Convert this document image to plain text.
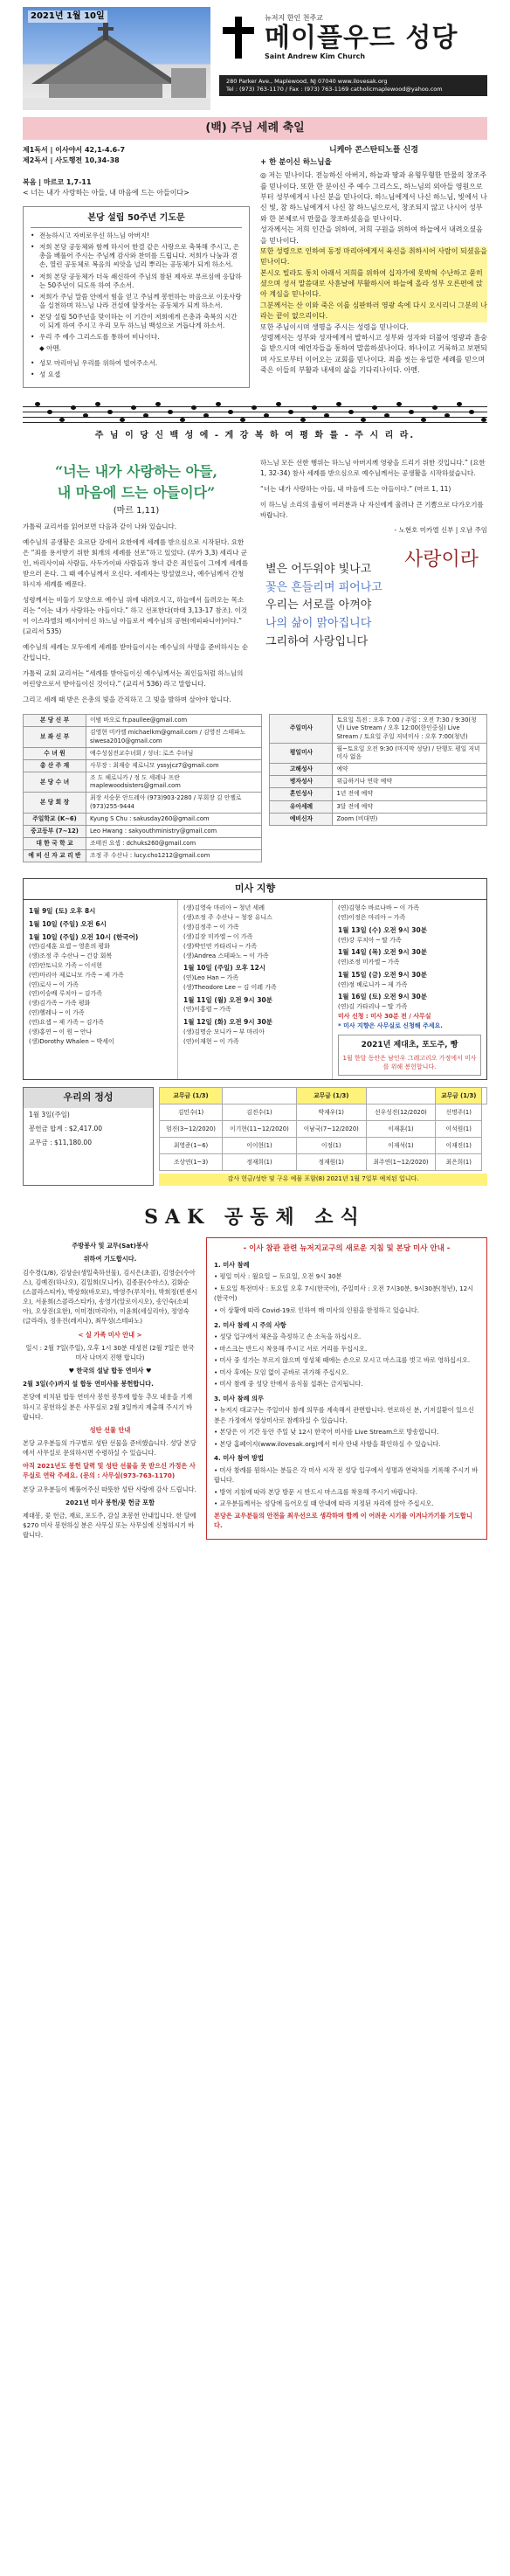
2021년 1월 10일	뉴저지 한인 천주교
메이플우드 성당
Saint Andrew Kim Church
280 Parker Ave., Maplewood, NJ 07040 www.ilovesak.org
Tel : (973) 763-1170 / Fax : (973) 763-1169 catholicmaplewood@yahoo.com
(백) 주님 세례 축일
제1독서 | 이사야서 42,1-4.6-7
제2독서 | 사도행전 10,34-38

복음 | 마르코 1,7-11
< 너는 내가 사랑하는 아들, 내 마음에 드는 아들이다>
본당 설립 50주년 기도문
• 전능하시고 자비로우신 하느님 아버지!
• 저희 본당 공동체와 함께 하시어 한결 같은 사랑으로 축복해 주시고, 은총을 베풀어 주시는 주님께 감사와 찬미를 드립니다. 저희가 나눔과 겸손, 열린 공동체로 복음의 씨앗을 널리 뿌리는 공동체가 되게 하소서.
• 저희 본당 공동체가 더욱 쇄신하여 주님의 참된 제자로 부르심에 응답하는 50주년이 되도록 하여 주소서.
• 저희가 주님 말씀 안에서 힘을 얻고 주님께 봉헌하는 마음으로 이웃사랑을 실천하며 하느님 나라 건설에 앞장서는 공동체가 되게 하소서.
• 본당 설립 50주년을 맞이하는 이 기간이 저희에게 은총과 축복의 시간이 되게 하여 주시고 우리 모두 하느님 백성으로 거듭나게 하소서.
• 우리 주 예수 그리스도를 통하여 비나이다.
◆ 아멘.
• 성모 마리아님 우리를 위하여 빌어주소서.
• 성 요셉
니케아 콘스탄티노플 신경
+ 한 분이신 하느님을

◎ 저는 믿나이다. 전능하신 아버지, 하늘과 땅과 유형무형한 만물의 창조주를 믿나이다. 또한 한 분이신 주 예수 그리스도, 하느님의 외아들 영원으로부터 성부에게서 나신 분을 믿나이다. 하느님에게서 나신 하느님, 빛에서 나신 빛, 참 하느님에게서 나신 참 하느님으로서, 창조되지 않고 나시어 성부와 한 본체로서 만물을 창조하셨음을 믿나이다.

성자께서는 저희 인간을 위하여, 저희 구원을 위하여 하늘에서 내려오셨음을 믿나이다.

또한 성령으로 인하여 동정 마리아에게서 육신을 취하시어 사람이 되셨음을 믿나이다.

본시오 빌라도 통치 아래서 저희를 위하여 십자가에 못박혀 수난하고 묻히셨으며 성서 말씀대로 사흗날에 부활하시어 하늘에 올라 성부 오른편에 앉아 계심을 믿나이다.

그분께서는 산 이와 죽은 이를 심판하러 영광 속에 다시 오시리니 그분의 나라는 끝이 없으리이다.

또한 주님이시며 생명을 주시는 성령을 믿나이다.

성령께서는 성부와 성자에게서 발하시고 성부와 성자와 더불어 영광과 흠숭을 받으시며 예언자들을 통하여 말씀하셨나이다. 하나이고 거룩하고 보편되며 사도로부터 이어오는 교회를 믿나이다. 죄를 씻는 유일한 세례를 믿으며 죽은 이들의 부활과 내세의 삶을 기다리나이다. 아멘.

주 님 이 당 신 백 성 에 - 게 강 복 하 여 평 화 를 - 주 시 리 라.
“너는 내가 사랑하는 아들,
내 마음에 드는 아들이다”
(마르 1,11)

가톨릭 교리서를 읽어보면 다음과 같이 나와 있습니다.

예수님의 공생활은 요르단 강에서 요한에게 세례를 받으심으로 시작된다. 요한은 “죄를 용서받기 위한 회개의 세례를 선포”하고 있었다. (루카 3,3) 세리나 군인, 바리사이파 사람들, 사두가이파 사람들과 창녀 같은 죄인들이 그에게 세례를 받으러 온다. 그 때 예수님께서 오신다. 세례자는 망설였으나, 예수님께서 간청하시자 세례를 베푼다.

성령께서는 비둘기 모양으로 예수님 위에 내려오시고, 하늘에서 들려오는 목소리는 “이는 내가 사랑하는 아들이다.” 하고 선포한다(마태 3,13-17 참조). 이것이 이스라엘의 메시아이신 하느님 아들로서 예수님의 공현(에피파니아)이다.” (교리서 535)

예수님의 세례는 모두에게 세례를 받아들이시는 예수님의 사명을 준비하시는 순간입니다.

가톨릭 교회 교리서는 “세례를 받아들이신 예수님께서는 죄인들처럼 하느님의 어린양으로서 받아들이신 것이다.” (교리서 536) 라고 말합니다.

그리고 세례 때 받은 은총의 빛을 간직하고 그 빛을 발하며 살아야 합니다.

하느님 모든 선한 행위는 하느님 아버지께 영광을 드리기 위한 것입니다.” (요한 1, 32-34) 참사 세례를 받으심으로 예수님께서는 공생활을 시작하셨습니다.

“너는 내가 사랑하는 아들, 내 마음에 드는 아들이다.” (마르 1, 11)

이 하느님 소리의 울림이 여러분과 나 자신에게 울려나 큰 기쁨으로 다가오기를 바랍니다.

- 노현호 미카엘 신부 | 오남 주임
사랑이라
별은 어두워야 빛나고
꽃은 흔들리며 피어나고
우리는 서로를 아껴야
나의 삶이 맑아집니다
그리하여 사랑입니다
본 당 신 부	이범 바오로 fr.paullee@gmail.com
보 좌 신 부	김영현 미카엘 michaelkm@gmail.com / 김영진 스테파노 siwesa2010@gmail.com
수 녀 원	예수성심전교수녀회 / 성녀: 로즈 수녀님
총 산 주 재	사무장 : 최재승 제로니모 yssyjcz7@gmail.com
본 당 수 녀	조 도 헤로니카 / 정 도 세레나 프란 maplewoodsisters@gmail.com
본 당 회 장	최장 서승문 안드레아 (973)903-2280 / 부회장 김 안젤로 (973)255-9444
주일학교 (K~6)	Kyung S Chu : sakusday260@gmail.com
중고등부 (7~12)	Leo Hwang : sakyouthministry@gmail.com
대 한 국 학 교	조태진 요셉 : dchuks260@gmail.com
예 비 신 자 교 리 반	조정 주 수산나 : lucy.cho1212@gmail.com
주일미사	토요일 특전 : 오후 7:00 / 주일 : 오전 7:30 / 9:30(청년) Live Stream / 오후 12:00(한인중심) Live Stream / 토요일 주일 저녁미사 : 오후 7:00(청년)
평일미사	월~토요일 오전 9:30 (마지막 성당) / 단행도 평일 저녁 미사 없음
고해성사	예약
병자성사	위급하거나 연락 예약
혼인성사	1년 전에 예약
유아세례	3달 전에 예약
예비신자	Zoom (비대면)
미사 지향
1월 9일 (토) 오후 8시
1월 10일 (주일) 오전 6시
1월 10일 (주일) 오전 10시 (한국어)
(연)김세훈 요셉 ─ 영혼의 평화
(생)조정 주 수산나 ─ 건강 회복
(연)안토니오 가족 ─ 이서현
(연)마리아 제로니모 가족 ─ 제 가족
(연)로사 ─ 이 가족
(연)이승배 루치아 ─ 김가족
(생)김가족 ─ 가족 평화
(연)헬레나 ─ 이 가족
(연)요셉 ─ 제 가족 ─ 김가족
(생)홍연 ─ 이 원 ─ 안나
(생)Dorothy Whalen ─ 박세이
(생)김영숙 마리아 ─ 청년 세례
(생)조정 주 수산나 ─ 청장 유니스
(생)김정주 ─ 이 가족
(생)김장 미카엘 ─ 이 가족
(생)박인연 카타리나 ─ 가족
(생)Andrea 스테파노 ─ 이 가족
1월 10일 (주일) 오후 12시
(연)Leo Han ─ 가족
(생)Theodore Lee ─ 김 이레 가족
1월 11일 (월) 오전 9시 30분
(연)이홍렬 ─ 가족
1월 12일 (화) 오전 9시 30분
(생)김명순 모니카 ─ 부 마리아
(연)이재현 ─ 이 가족
(연)김형수 바르나바 ─ 이 가족
(연)이정은 마리아 ─ 가족
1월 13일 (수) 오전 9시 30분
(연)강 루치아 ─ 딸 가족
1월 14일 (목) 오전 9시 30분
(연)조정 미카엘 ─ 가족
1월 15일 (금) 오전 9시 30분
(연)정 베로니카 ─ 제 가족
1월 16일 (토) 오전 9시 30분
(연)김 가타리나 ─ 딸 가족
미사 신청 : 미사 30분 전 / 사무실
* 미사 지향은 사무실로 신청해 주세요.
2021년 제대초, 포도주, 빵
1월 한달 동안은 남인우 그레고리오 가정에서 미사를 위해 봉헌합니다.
우리의 정성
1월 3일(주일)
봉헌금 합계 : $2,417.00
교무금 : $11,180.00
교무금 (1/3)		교무금 (1/3)		교무금 (1/3)	
김민수(1)	김진수(1)	박재우(1)	선우성진(12/2020)	신명주(1)	
엄진(3~12/2020)	이기현(11~12/2020)	이남국(7~12/2020)	이재훈(1)	이석원(1)	
최영준(1~6)	이이현(1)	이정(1)	이재석(1)	이재진(1)	
조상연(1~3)	정재희(1)	정재원(1)	최주연(1~12/2020)	최은희(1)	
감사 헌금/성탄 및 구유 예물 포함(8) 2021년 1월 7일부 예치된 입니다.
SAK 공동체 소식
주방봉사 및 교무(Sat)봉사
위하여 기도합시다.
김수경(1/8), 김상순(생일축하선물), 김시은(초콜), 김영순(수아스), 김예진(하나오), 김일희(모니카), 김종문(수아스), 김화순(스콜라스티카), 박상희(바오로), 박영주(루치아), 박희정(빈센시오), 서윤희(스콜라스티카), 송영기(알로이시오), 송인숙(소피아), 오상진(요한), 이미경(마리아), 이윤희(세실리아), 정영숙(글라라), 정유진(레지나), 최무성(스테파노)
< 실 가족 미사 안내 >
일시 : 2월 7일(주일), 오후 1시 30분 대성전 (2월 7일은 한국 미사 나머지 진행 합니다)
♥ 한국의 설날 합동 연미사 ♥
2월 3일(수)까지 설 합동 연미사를 봉헌합니다.
본당에 비치된 합동 연미사 봉헌 봉투에 합동 추모 내용을 기재하시고 봉헌하실 분은 사무실로 2월 3일까지 제출해 주시기 바랍니다.
성탄 선물 안내
본당 교우분들의 가구별로 성탄 선물을 준비했습니다. 성당 본당에서 사무실로 문의하시면 수령하실 수 있습니다.
아직 2021년도 봉헌 달력 및 성탄 선물을 못 받으신 가정은 사무실로 연락 주세요. (문의 : 사무실(973-763-1170)
본당 교우분들이 베풀어주신 따뜻한 성탄 사랑에 감사 드립니다.
2021년 미사 봉헌/꽃 헌금 포함
제대봉, 꽃 헌금, 재료, 포도주, 감실 초봉헌 안내입니다. 한 달에 $270 미사 봉헌하실 분은 사무실 또는 사무실에 신청하시기 바랍니다.
- 이사 참관 관련 뉴저지교구의 새로운 지침 및 본당 미사 안내 -
1. 미사 참례

• 평일 미사 : 월요일 ~ 토요일, 오전 9시 30분

• 토요일 특전미사 : 토요일 오후 7시(한국어), 주일미사 : 오전 7시30분, 9시30분(청년), 12시(한국어)

• 이 상황에 따라 Covid-19로 인하여 매 미사의 인원을 한정하고 있습니다.

2. 미사 참례 시 주의 사항

• 성당 입구에서 체온을 측정하고 손 소독을 하십시오.

• 마스크는 반드시 착용해 주시고 서로 거리를 두십시오.

• 미사 중 성가는 부르지 않으며 영성체 때에는 손으로 모시고 마스크를 벗고 바로 영하십시오.

• 미사 후에는 모임 없이 곧바로 귀가해 주십시오.

• 미사 참례 중 성당 안에서 음식물 섭취는 금지됩니다.

3. 미사 참례 의무

• 뉴저지 대교구는 주일미사 참례 의무를 계속해서 관면합니다. 연로하신 분, 기저질환이 있으신 분은 가정에서 영상미사로 참례하실 수 있습니다.

• 본당은 이 기간 동안 주일 낮 12시 한국어 미사를 Live Stream으로 방송합니다.

• 본당 홈페이지(www.ilovesak.org)에서 미사 안내 사항을 확인하실 수 있습니다.

4. 미사 참여 방법

• 미사 참례를 원하시는 분들은 각 미사 시작 전 성당 입구에서 성명과 연락처를 기록해 주시기 바랍니다.

• 방역 지침에 따라 본당 방문 시 반드시 마스크를 착용해 주시기 바랍니다.

• 교우분들께서는 성당에 들어오실 때 안내에 따라 지정된 자리에 앉아 주십시오.

본당은 교우분들의 안전을 최우선으로 생각하며 함께 이 어려운 시기를 이겨나가기를 기도합니다.
